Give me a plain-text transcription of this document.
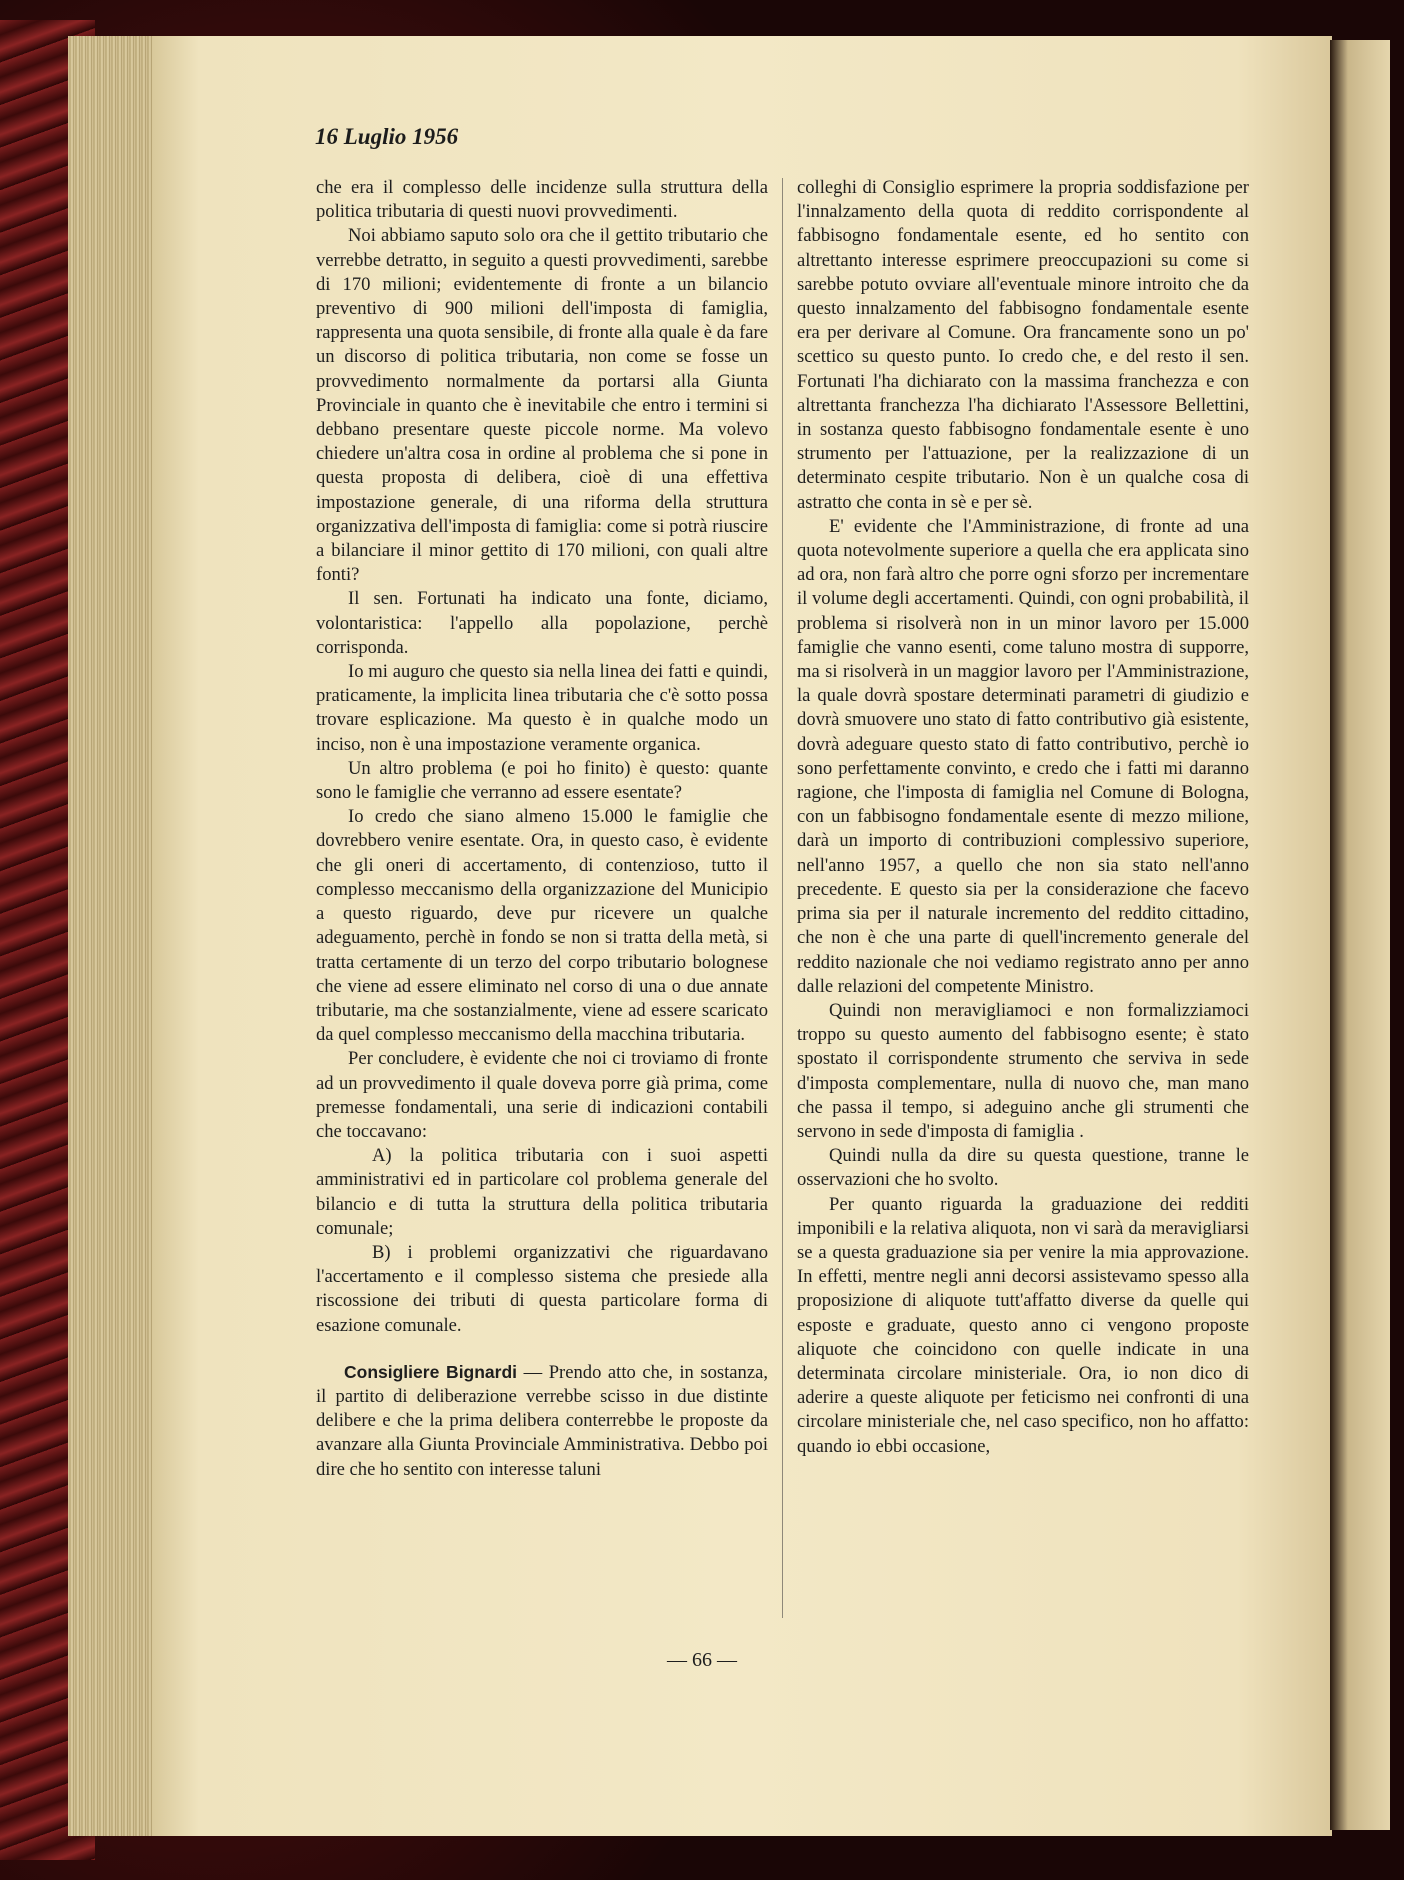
16 Luglio 1956

che era il complesso delle incidenze sulla struttura della politica tributaria di questi nuovi provvedimenti.

Noi abbiamo saputo solo ora che il gettito tributario che verrebbe detratto, in seguito a questi provvedimenti, sarebbe di 170 milioni; evidentemente di fronte a un bilancio preventivo di 900 milioni dell'imposta di famiglia, rappresenta una quota sensibile, di fronte alla quale è da fare un discorso di politica tributaria, non come se fosse un provvedimento normalmente da portarsi alla Giunta Provinciale in quanto che è inevitabile che entro i termini si debbano presentare queste piccole norme. Ma volevo chiedere un'altra cosa in ordine al problema che si pone in questa proposta di delibera, cioè di una effettiva impostazione generale, di una riforma della struttura organizzativa dell'imposta di famiglia: come si potrà riuscire a bilanciare il minor gettito di 170 milioni, con quali altre fonti?

Il sen. Fortunati ha indicato una fonte, diciamo, volontaristica: l'appello alla popolazione, perchè corrisponda.

Io mi auguro che questo sia nella linea dei fatti e quindi, praticamente, la implicita linea tributaria che c'è sotto possa trovare esplicazione. Ma questo è in qualche modo un inciso, non è una impostazione veramente organica.

Un altro problema (e poi ho finito) è questo: quante sono le famiglie che verranno ad essere esentate?

Io credo che siano almeno 15.000 le famiglie che dovrebbero venire esentate. Ora, in questo caso, è evidente che gli oneri di accertamento, di contenzioso, tutto il complesso meccanismo della organizzazione del Municipio a questo riguardo, deve pur ricevere un qualche adeguamento, perchè in fondo se non si tratta della metà, si tratta certamente di un terzo del corpo tributario bolognese che viene ad essere eliminato nel corso di una o due annate tributarie, ma che sostanzialmente, viene ad essere scaricato da quel complesso meccanismo della macchina tributaria.

Per concludere, è evidente che noi ci troviamo di fronte ad un provvedimento il quale doveva porre già prima, come premesse fondamentali, una serie di indicazioni contabili che toccavano:

A) la politica tributaria con i suoi aspetti amministrativi ed in particolare col problema generale del bilancio e di tutta la struttura della politica tributaria comunale;

B) i problemi organizzativi che riguardavano l'accertamento e il complesso sistema che presiede alla riscossione dei tributi di questa particolare forma di esazione comunale.

Consigliere Bignardi — Prendo atto che, in sostanza, il partito di deliberazione verrebbe scisso in due distinte delibere e che la prima delibera conterrebbe le proposte da avanzare alla Giunta Provinciale Amministrativa. Debbo poi dire che ho sentito con interesse taluni

colleghi di Consiglio esprimere la propria soddisfazione per l'innalzamento della quota di reddito corrispondente al fabbisogno fondamentale esente, ed ho sentito con altrettanto interesse esprimere preoccupazioni su come si sarebbe potuto ovviare all'eventuale minore introito che da questo innalzamento del fabbisogno fondamentale esente era per derivare al Comune. Ora francamente sono un po' scettico su questo punto. Io credo che, e del resto il sen. Fortunati l'ha dichiarato con la massima franchezza e con altrettanta franchezza l'ha dichiarato l'Assessore Bellettini, in sostanza questo fabbisogno fondamentale esente è uno strumento per l'attuazione, per la realizzazione di un determinato cespite tributario. Non è un qualche cosa di astratto che conta in sè e per sè.

E' evidente che l'Amministrazione, di fronte ad una quota notevolmente superiore a quella che era applicata sino ad ora, non farà altro che porre ogni sforzo per incrementare il volume degli accertamenti. Quindi, con ogni probabilità, il problema si risolverà non in un minor lavoro per 15.000 famiglie che vanno esenti, come taluno mostra di supporre, ma si risolverà in un maggior lavoro per l'Amministrazione, la quale dovrà spostare determinati parametri di giudizio e dovrà smuovere uno stato di fatto contributivo già esistente, dovrà adeguare questo stato di fatto contributivo, perchè io sono perfettamente convinto, e credo che i fatti mi daranno ragione, che l'imposta di famiglia nel Comune di Bologna, con un fabbisogno fondamentale esente di mezzo milione, darà un importo di contribuzioni complessivo superiore, nell'anno 1957, a quello che non sia stato nell'anno precedente. E questo sia per la considerazione che facevo prima sia per il naturale incremento del reddito cittadino, che non è che una parte di quell'incremento generale del reddito nazionale che noi vediamo registrato anno per anno dalle relazioni del competente Ministro.

Quindi non meravigliamoci e non formalizziamoci troppo su questo aumento del fabbisogno esente; è stato spostato il corrispondente strumento che serviva in sede d'imposta complementare, nulla di nuovo che, man mano che passa il tempo, si adeguino anche gli strumenti che servono in sede d'imposta di famiglia .

Quindi nulla da dire su questa questione, tranne le osservazioni che ho svolto.

Per quanto riguarda la graduazione dei redditi imponibili e la relativa aliquota, non vi sarà da meravigliarsi se a questa graduazione sia per venire la mia approvazione. In effetti, mentre negli anni decorsi assistevamo spesso alla proposizione di aliquote tutt'affatto diverse da quelle qui esposte e graduate, questo anno ci vengono proposte aliquote che coincidono con quelle indicate in una determinata circolare ministeriale. Ora, io non dico di aderire a queste aliquote per feticismo nei confronti di una circolare ministeriale che, nel caso specifico, non ho affatto: quando io ebbi occasione,

— 66 —
